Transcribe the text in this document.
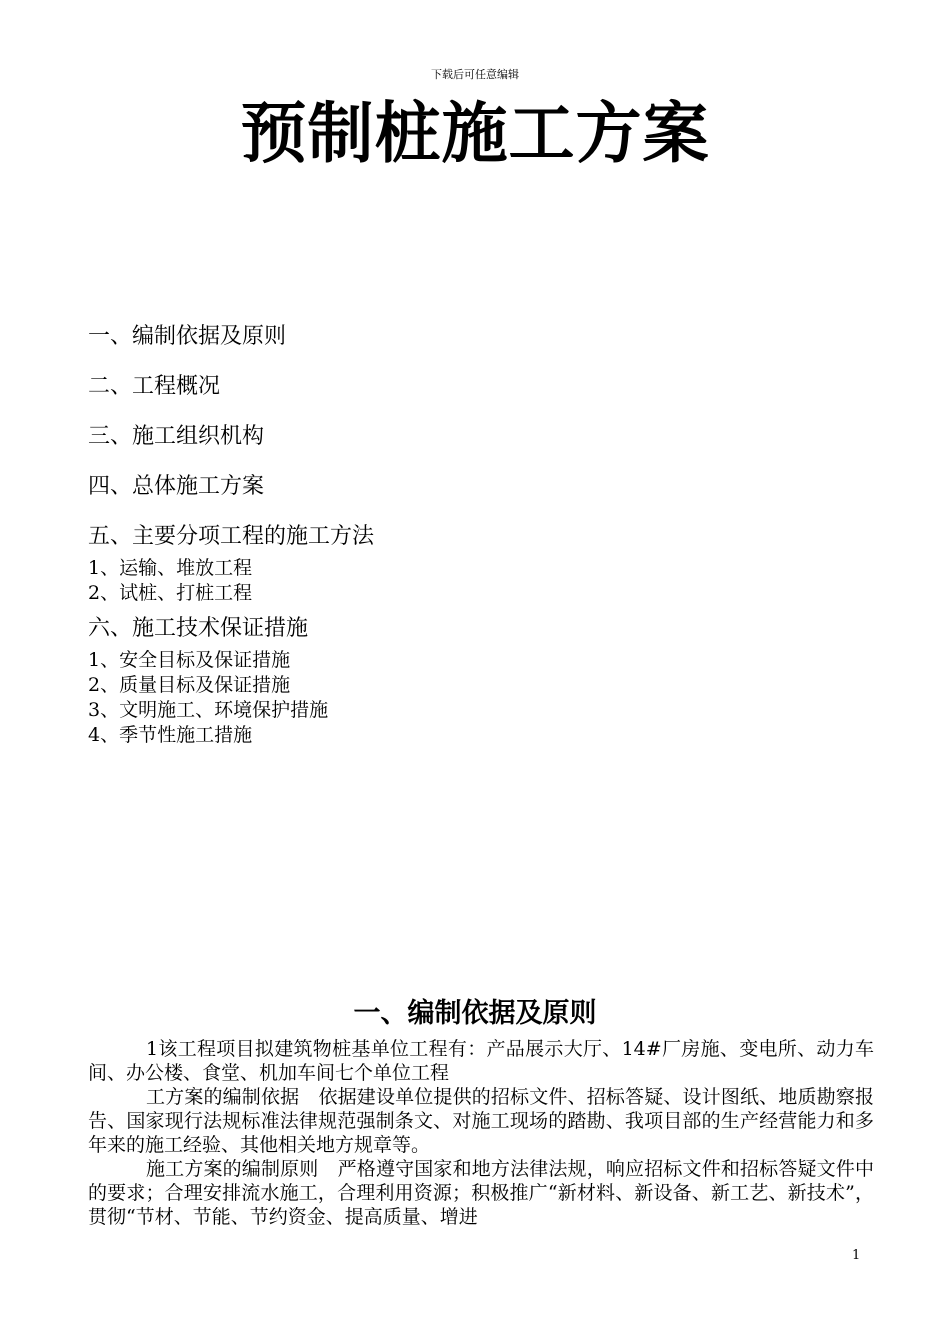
下载后可任意编辑
预制桩施工方案
一、编制依据及原则
二、工程概况
三、施工组织机构
四、总体施工方案
五、主要分项工程的施工方法
1、运输、堆放工程
2、试桩、打桩工程
六、施工技术保证措施
1、安全目标及保证措施
2、质量目标及保证措施
3、文明施工、环境保护措施
4、季节性施工措施
一、编制依据及原则

1该工程项目拟建筑物桩基单位工程有：产品展示大厅、14#厂房施、变电所、动力车间、办公楼、食堂、机加车间七个单位工程

工方案的编制依据　依据建设单位提供的招标文件、招标答疑、设计图纸、地质勘察报告、国家现行法规标准法律规范强制条文、对施工现场的踏勘、我项目部的生产经营能力和多年来的施工经验、其他相关地方规章等。

施工方案的编制原则　严格遵守国家和地方法律法规，响应招标文件和招标答疑文件中的要求；合理安排流水施工，合理利用资源；积极推广“新材料、新设备、新工艺、新技术”，贯彻“节材、节能、节约资金、提高质量、增进

1
